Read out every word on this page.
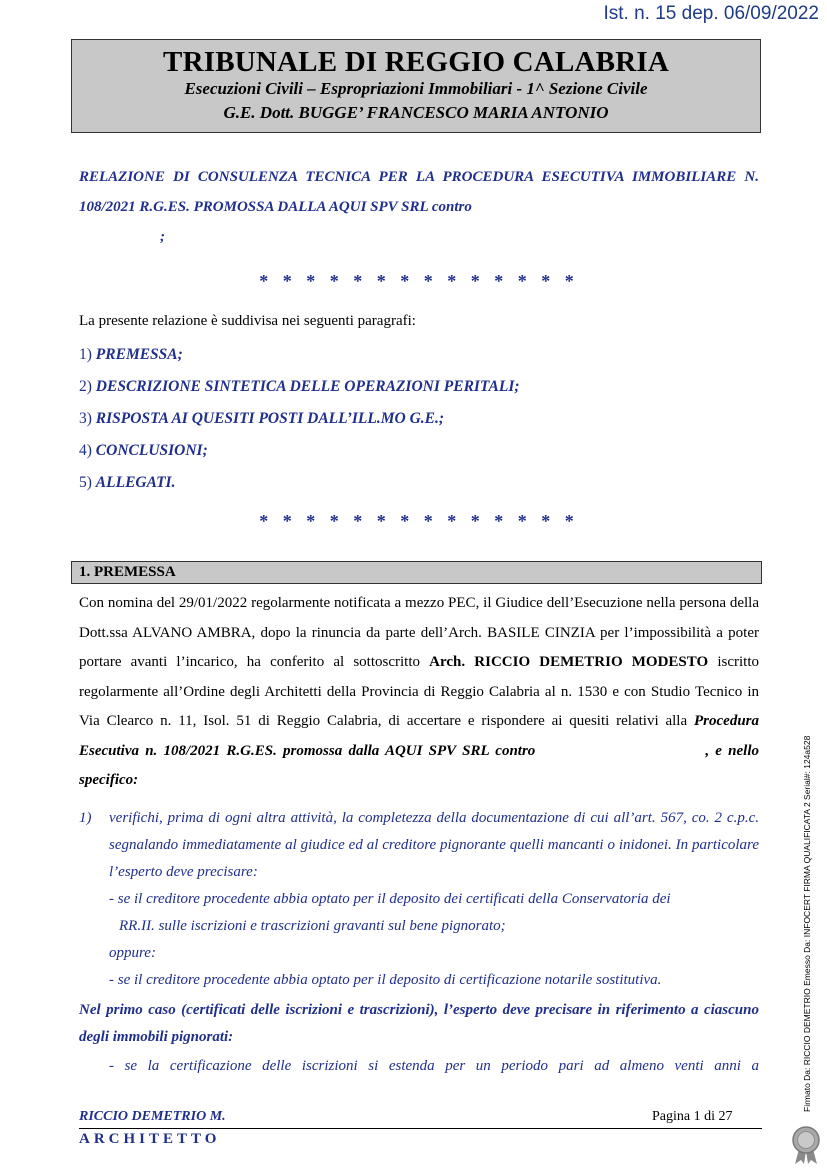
Ist. n. 15 dep. 06/09/2022
TRIBUNALE DI REGGIO CALABRIA
Esecuzioni Civili – Espropriazioni Immobiliari - 1^ Sezione Civile
G.E. Dott. BUGGE’ FRANCESCO MARIA ANTONIO
RELAZIONE DI CONSULENZA TECNICA PER LA PROCEDURA ESECUTIVA IMMOBILIARE N. 108/2021 R.G.ES. PROMOSSA DALLA AQUI SPV SRL contro
;
* * * * * * * * * * * * * *
La presente relazione è suddivisa nei seguenti paragrafi:
1) PREMESSA;
2) DESCRIZIONE SINTETICA DELLE OPERAZIONI PERITALI;
3) RISPOSTA AI QUESITI POSTI DALL’ILL.MO G.E.;
4) CONCLUSIONI;
5) ALLEGATI.
* * * * * * * * * * * * * *
1. PREMESSA
Con nomina del 29/01/2022 regolarmente notificata a mezzo PEC, il Giudice dell’Esecuzione nella persona della Dott.ssa ALVANO AMBRA, dopo la rinuncia da parte dell’Arch. BASILE CINZIA per l’impossibilità a poter portare avanti l’incarico, ha conferito al sottoscritto Arch. RICCIO DEMETRIO MODESTO iscritto regolarmente all’Ordine degli Architetti della Provincia di Reggio Calabria al n. 1530 e con Studio Tecnico in Via Clearco n. 11, Isol. 51 di Reggio Calabria, di accertare e rispondere ai quesiti relativi alla Procedura Esecutiva n. 108/2021 R.G.ES. promossa dalla AQUI SPV SRL contro	, e nello specifico:
1)	verifichi, prima di ogni altra attività, la completezza della documentazione di cui all’art. 567, co. 2 c.p.c. segnalando immediatamente al giudice ed al creditore pignorante quelli mancanti o inidonei. In particolare l’esperto deve precisare:
- se il creditore procedente abbia optato per il deposito dei certificati della Conservatoria dei
RR.II. sulle iscrizioni e trascrizioni gravanti sul bene pignorato;
oppure:
- se il creditore procedente abbia optato per il deposito di certificazione notarile sostitutiva.
Nel primo caso (certificati delle iscrizioni e trascrizioni), l’esperto deve precisare in riferimento a ciascuno degli immobili pignorati:
- se la certificazione delle iscrizioni si estenda per un periodo pari ad almeno venti anni a
RICCIO DEMETRIO M.	Pagina 1 di 27
ARCHITETTO
Firmato Da: RICCIO DEMETRIO Emesso Da: INFOCERT FIRMA QUALIFICATA 2 Serial#: 124a528
